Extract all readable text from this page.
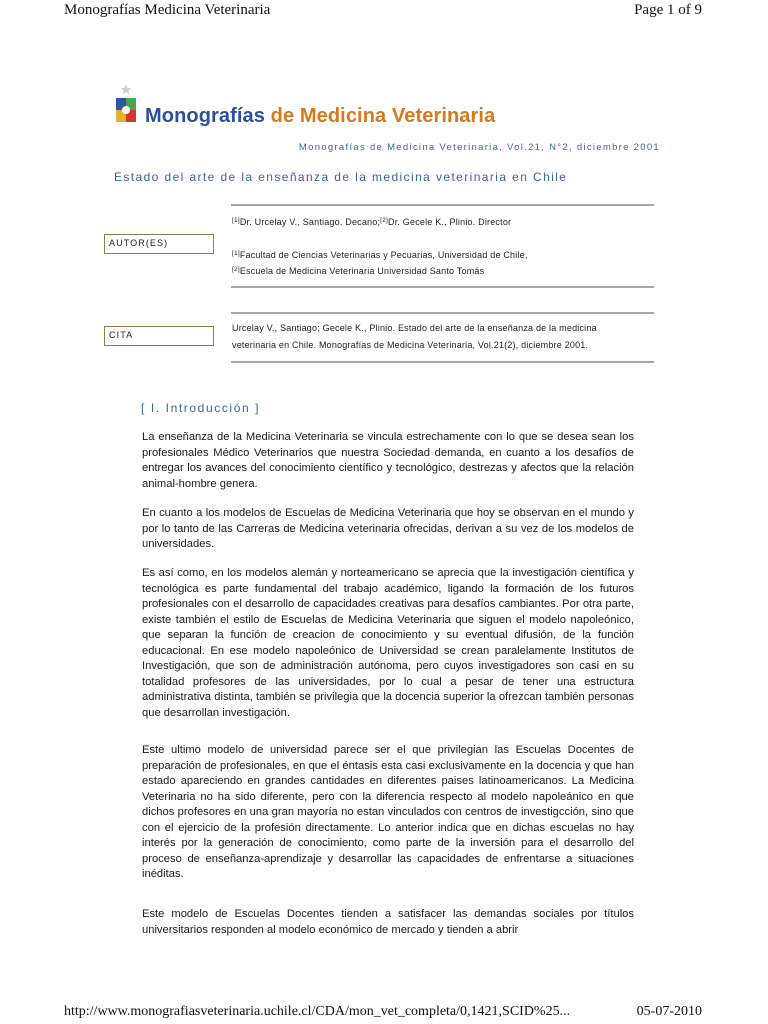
Monografías Medicina Veterinaria	Page 1 of 9
Monografías de Medicina Veterinaria
Monografías de Medicina Veterinaria, Vol.21, N°2, diciembre 2001
Estado del arte de la enseñanza de la medicina veterinaria en Chile
[1]Dr. Urcelay V., Santiago. Decano;[2]Dr. Gecele K., Plinio. Director
AUTOR(ES)
[1]Facultad de Ciencias Veterinarias y Pecuarias, Universidad de Chile,
[2]Escuela de Medicina Veterinaria Universidad Santo Tomás
CITA
Urcelay V., Santiago; Gecele K., Plinio. Estado del arte de la enseñanza de la medicina
veterinaria en Chile. Monografías de Medicina Veterinaria, Vol.21(2), diciembre 2001.
[ I. Introducción ]
La enseñanza de la Medicina Veterinaria se vincula estrechamente con lo que se desea sean los profesionales Médico Veterinarios que nuestra Sociedad demanda, en cuanto a los desafíos de entregar los avances del conocimiento científico y tecnológico, destrezas y afectos que la relación animal-hombre genera.
En cuanto a los modelos de Escuelas de Medicina Veterinaria que hoy se observan en el mundo y por lo tanto de las Carreras de Medicina veterinaria ofrecidas, derivan a su vez de los modelos de universidades.
Es así como, en los modelos alemán y norteamericano se aprecia que la investigación científica y tecnológica es parte fundamental del trabajo académico, ligando la formación de los futuros profesionales con el desarrollo de capacidades creativas para desafíos cambiantes. Por otra parte, existe también el estilo de Escuelas de Medicina Veterinaria que siguen el modelo napoleónico, que separan la función de creacion de conocimiento y su eventual difusión, de la función educacional. En ese modelo napoleónico de Universidad se crean paralelamente Institutos de Investigación, que son de administración autónoma, pero cuyos investigadores son casi en su totalidad profesores de las universidades, por lo cual a pesar de tener una estructura administrativa distinta, también se privilegia que la docencia superior la ofrezcan también personas que desarrollan investigación.
Este ultimo modelo de universidad parece ser el que privilegian las Escuelas Docentes de preparación de profesionales, en que el éntasis esta casi exclusivamente en la docencia y que han estado apareciendo en grandes cantidades en diferentes paises latinoamericanos. La Medicina Veterinaria no ha sido diferente, pero con la diferencia respecto al modelo napoleánico en que dichos profesores en una gran mayoría no estan vinculados con centros de investigcción, sino que con el ejercicio de la profesión directamente. Lo anterior indica que en dichas escuelas no hay interés por la generación de conocimiento, como parte de la inversión para el desarrollo del proceso de enseñanza-aprendizaje y desarrollar las capacidades de enfrentarse a situaciones inéditas.
Este modelo de Escuelas Docentes tienden a satisfacer las demandas sociales por títulos universitarios responden al modelo económico de mercado y tienden a abrir
http://www.monografiasveterinaria.uchile.cl/CDA/mon_vet_completa/0,1421,SCID%25...	05-07-2010
